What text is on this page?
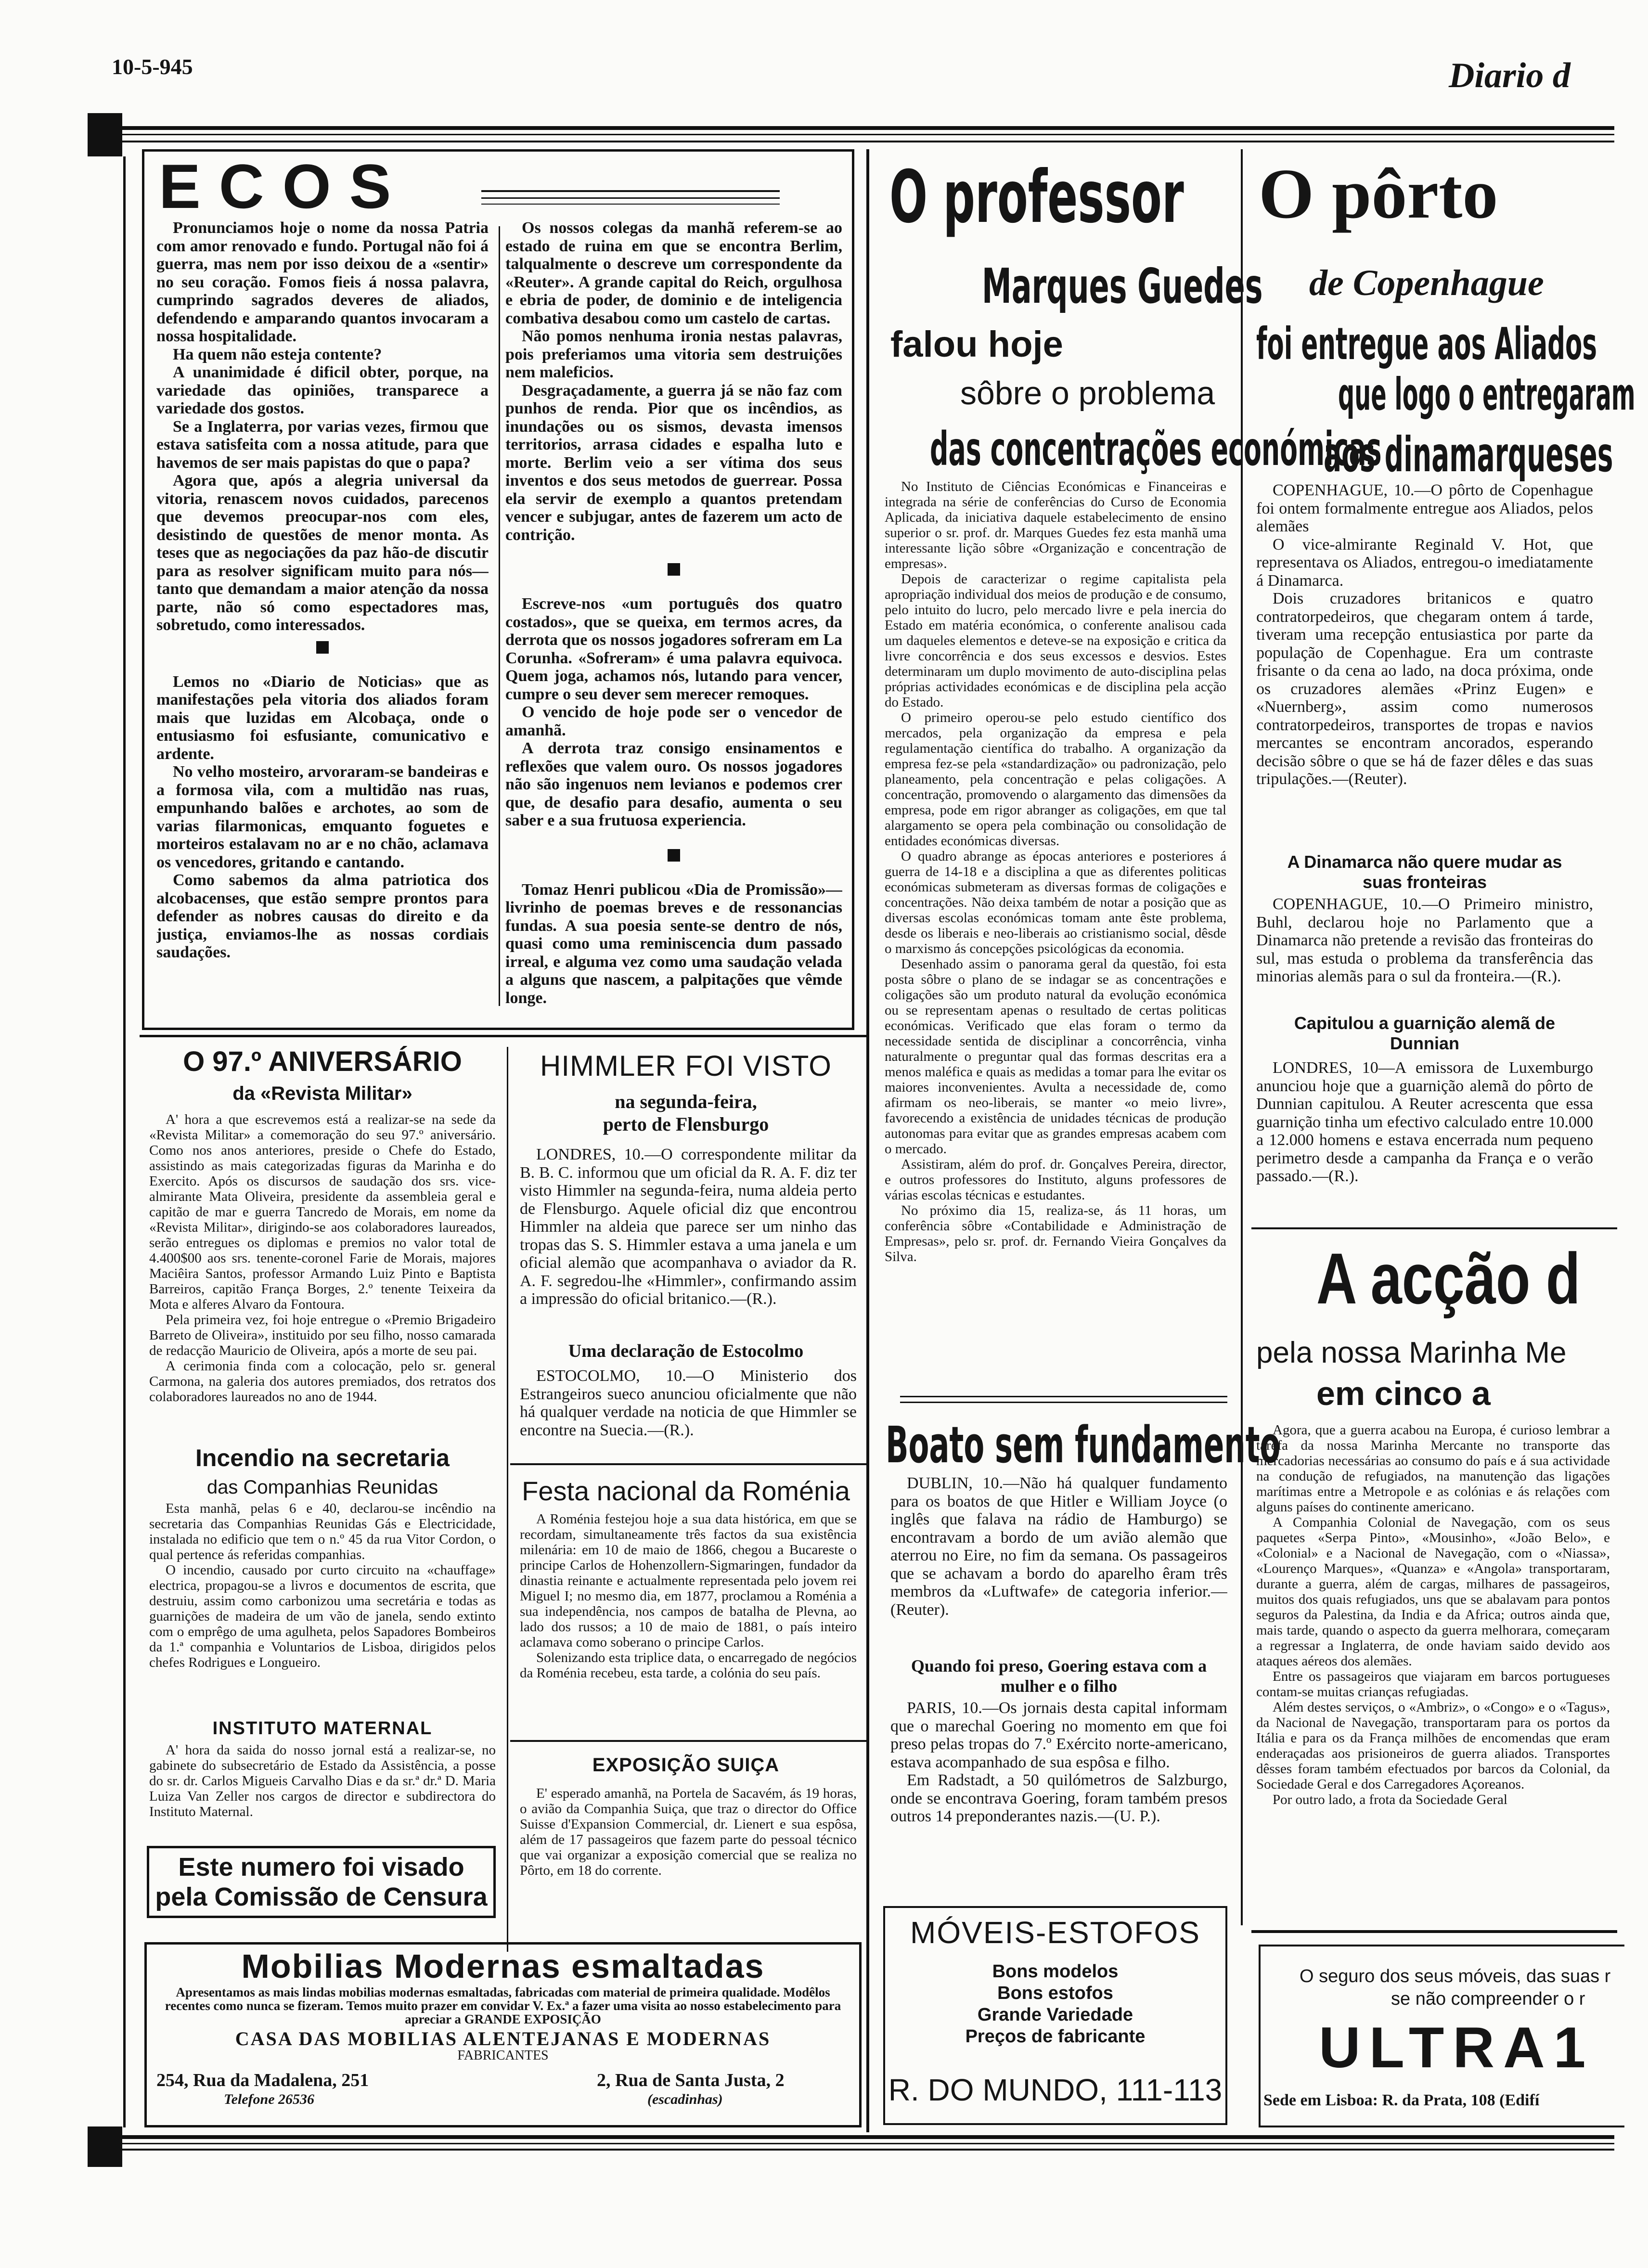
10-5-945	Diario d
ECOS

Pronunciamos hoje o nome da nossa Patria com amor renovado e fundo. Portugal não foi á guerra, mas nem por isso deixou de a «sentir» no seu coração. Fomos fieis á nossa palavra, cumprindo sagrados deveres de aliados, defendendo e amparando quantos invocaram a nossa hospitalidade.

Ha quem não esteja contente?

A unanimidade é dificil obter, porque, na variedade das opiniões, transparece a variedade dos gostos.

Se a Inglaterra, por varias vezes, firmou que estava satisfeita com a nossa atitude, para que havemos de ser mais papistas do que o papa?

Agora que, após a alegria universal da vitoria, renascem novos cuidados, parecenos que devemos preocupar-nos com eles, desistindo de questões de menor monta. As teses que as negociações da paz hão-de discutir para as resolver significam muito para nós—tanto que demandam a maior atenção da nossa parte, não só como espectadores mas, sobretudo, como interessados.

Lemos no «Diario de Noticias» que as manifestações pela vitoria dos aliados foram mais que luzidas em Alcobaça, onde o entusiasmo foi esfusiante, comunicativo e ardente.

No velho mosteiro, arvoraram-se bandeiras e a formosa vila, com a multidão nas ruas, empunhando balões e archotes, ao som de varias filarmonicas, emquanto foguetes e morteiros estalavam no ar e no chão, aclamava os vencedores, gritando e cantando.

Como sabemos da alma patriotica dos alcobacenses, que estão sempre prontos para defender as nobres causas do direito e da justiça, enviamos-lhe as nossas cordiais saudações.

Os nossos colegas da manhã referem-se ao estado de ruina em que se encontra Berlim, talqualmente o descreve um correspondente da «Reuter». A grande capital do Reich, orgulhosa e ebria de poder, de dominio e de inteligencia combativa desabou como um castelo de cartas.

Não pomos nenhuma ironia nestas palavras, pois preferiamos uma vitoria sem destruições nem maleficios.

Desgraçadamente, a guerra já se não faz com punhos de renda. Pior que os incêndios, as inundações ou os sismos, devasta imensos territorios, arrasa cidades e espalha luto e morte. Berlim veio a ser vítima dos seus inventos e dos seus metodos de guerrear. Possa ela servir de exemplo a quantos pretendam vencer e subjugar, antes de fazerem um acto de contrição.

Escreve-nos «um português dos quatro costados», que se queixa, em termos acres, da derrota que os nossos jogadores sofreram em La Corunha. «Sofreram» é uma palavra equivoca. Quem joga, achamos nós, lutando para vencer, cumpre o seu dever sem merecer remoques.

O vencido de hoje pode ser o vencedor de amanhã.

A derrota traz consigo ensinamentos e reflexões que valem ouro. Os nossos jogadores não são ingenuos nem levianos e podemos crer que, de desafio para desafio, aumenta o seu saber e a sua frutuosa experiencia.

Tomaz Henri publicou «Dia de Promissão»—livrinho de poemas breves e de ressonancias fundas. A sua poesia sente-se dentro de nós, quasi como uma reminiscencia dum passado irreal, e alguma vez como uma saudação velada a alguns que nascem, a palpitações que vêmde longe.

O professor
Marques Guedes
falou hoje
sôbre o problema
das concentrações económicas

No Instituto de Ciências Económicas e Financeiras e integrada na série de conferências do Curso de Economia Aplicada, da iniciativa daquele estabelecimento de ensino superior o sr. prof. dr. Marques Guedes fez esta manhã uma interessante lição sôbre «Organização e concentração de empresas».

Depois de caracterizar o regime capitalista pela apropriação individual dos meios de produção e de consumo, pelo intuito do lucro, pelo mercado livre e pela inercia do Estado em matéria económica, o conferente analisou cada um daqueles elementos e deteve-se na exposição e critica da livre concorrência e dos seus excessos e desvios. Estes determinaram um duplo movimento de auto-disciplina pelas próprias actividades económicas e de disciplina pela acção do Estado.

O primeiro operou-se pelo estudo científico dos mercados, pela organização da empresa e pela regulamentação científica do trabalho. A organização da empresa fez-se pela «standardização» ou padronização, pelo planeamento, pela concentração e pelas coligações. A concentração, promovendo o alargamento das dimensões da empresa, pode em rigor abranger as coligações, em que tal alargamento se opera pela combinação ou consolidação de entidades económicas diversas.

O quadro abrange as épocas anteriores e posteriores á guerra de 14-18 e a disciplina a que as diferentes politicas económicas submeteram as diversas formas de coligações e concentrações. Não deixa também de notar a posição que as diversas escolas económicas tomam ante êste problema, desde os liberais e neo-liberais ao cristianismo social, dêsde o marxismo ás concepções psicológicas da economia.

Desenhado assim o panorama geral da questão, foi esta posta sôbre o plano de se indagar se as concentrações e coligações são um produto natural da evolução económica ou se representam apenas o resultado de certas politicas económicas. Verificado que elas foram o termo da necessidade sentida de disciplinar a concorrência, vinha naturalmente o preguntar qual das formas descritas era a menos maléfica e quais as medidas a tomar para lhe evitar os maiores inconvenientes. Avulta a necessidade de, como afirmam os neo-liberais, se manter «o meio livre», favorecendo a existência de unidades técnicas de produção autonomas para evitar que as grandes empresas acabem com o mercado.

Assistiram, além do prof. dr. Gonçalves Pereira, director, e outros professores do Instituto, alguns professores de várias escolas técnicas e estudantes.

No próximo dia 15, realiza-se, ás 11 horas, um conferência sôbre «Contabilidade e Administração de Empresas», pelo sr. prof. dr. Fernando Vieira Gonçalves da Silva.

Boato sem fundamento

DUBLIN, 10.—Não há qualquer fundamento para os boatos de que Hitler e William Joyce (o inglês que falava na rádio de Hamburgo) se encontravam a bordo de um avião alemão que aterrou no Eire, no fim da semana. Os passageiros que se achavam a bordo do aparelho êram três membros da «Luftwafe» de categoria inferior.—(Reuter).

Quando foi preso, Goering estava com a mulher e o filho

PARIS, 10.—Os jornais desta capital informam que o marechal Goering no momento em que foi preso pelas tropas do 7.º Exército norte-americano, estava acompanhado de sua espôsa e filho.

Em Radstadt, a 50 quilómetros de Salzburgo, onde se encontrava Goering, foram também presos outros 14 preponderantes nazis.—(U. P.).

MÓVEIS-ESTOFOS
Bons modelos
Bons estofos
Grande Variedade
Preços de fabricante
R. DO MUNDO, 111-113
O pôrto
de Copenhague
foi entregue aos Aliados
que logo o entregaram
aos dinamarqueses

COPENHAGUE, 10.—O pôrto de Copenhague foi ontem formalmente entregue aos Aliados, pelos alemães

O vice-almirante Reginald V. Hot, que representava os Aliados, entregou-o imediatamente á Dinamarca.

Dois cruzadores britanicos e quatro contratorpedeiros, que chegaram ontem á tarde, tiveram uma recepção entusiastica por parte da população de Copenhague. Era um contraste frisante o da cena ao lado, na doca próxima, onde os cruzadores alemães «Prinz Eugen» e «Nuernberg», assim como numerosos contratorpedeiros, transportes de tropas e navios mercantes se encontram ancorados, esperando decisão sôbre o que se há de fazer dêles e das suas tripulações.—(Reuter).

A Dinamarca não quere mudar as suas fronteiras

COPENHAGUE, 10.—O Primeiro ministro, Buhl, declarou hoje no Parlamento que a Dinamarca não pretende a revisão das fronteiras do sul, mas estuda o problema da transferência das minorias alemãs para o sul da fronteira.—(R.).

Capitulou a guarnição alemã de Dunnian

LONDRES, 10—A emissora de Luxemburgo anunciou hoje que a guarnição alemã do pôrto de Dunnian capitulou. A Reuter acrescenta que essa guarnição tinha um efectivo calculado entre 10.000 a 12.000 homens e estava encerrada num pequeno perimetro desde a campanha da França e o verão passado.—(R.).

A acção d
pela nossa Marinha Me
em cinco a

Agora, que a guerra acabou na Europa, é curioso lembrar a tarefa da nossa Marinha Mercante no transporte das mercadorias necessárias ao consumo do país e á sua actividade na condução de refugiados, na manutenção das ligações marítimas entre a Metropole e as colónias e ás relações com alguns países do continente americano.

A Companhia Colonial de Navegação, com os seus paquetes «Serpa Pinto», «Mousinho», «João Belo», e «Colonial» e a Nacional de Navegação, com o «Niassa», «Lourenço Marques», «Quanza» e «Angola» transportaram, durante a guerra, além de cargas, milhares de passageiros, muitos dos quais refugiados, uns que se abalavam para pontos seguros da Palestina, da India e da Africa; outros ainda que, mais tarde, quando o aspecto da guerra melhorara, começaram a regressar a Inglaterra, de onde haviam saido devido aos ataques aéreos dos alemães.

Entre os passageiros que viajaram em barcos portugueses contam-se muitas crianças refugiadas.

Além destes serviços, o «Ambriz», o «Congo» e o «Tagus», da Nacional de Navegação, transportaram para os portos da Itália e para os da França milhões de encomendas que eram enderaçadas aos prisioneiros de guerra aliados. Transportes dêsses foram também efectuados por barcos da Colonial, da Sociedade Geral e dos Carregadores Açoreanos.

Por outro lado, a frota da Sociedade Geral

O seguro dos seus móveis, das suas r
se não compreender o r
ULTRA1
Sede em Lisboa: R. da Prata, 108 (Edifí
O 97.º ANIVERSÁRIO
da «Revista Militar»

A' hora a que escrevemos está a realizar-se na sede da «Revista Militar» a comemoração do seu 97.º aniversário. Como nos anos anteriores, preside o Chefe do Estado, assistindo as mais categorizadas figuras da Marinha e do Exercito. Após os discursos de saudação dos srs. vice-almirante Mata Oliveira, presidente da assembleia geral e capitão de mar e guerra Tancredo de Morais, em nome da «Revista Militar», dirigindo-se aos colaboradores laureados, serão entregues os diplomas e premios no valor total de 4.400$00 aos srs. tenente-coronel Farie de Morais, majores Maciêira Santos, professor Armando Luiz Pinto e Baptista Barreiros, capitão França Borges, 2.º tenente Teixeira da Mota e alferes Alvaro da Fontoura.

Pela primeira vez, foi hoje entregue o «Premio Brigadeiro Barreto de Oliveira», instituido por seu filho, nosso camarada de redacção Mauricio de Oliveira, após a morte de seu pai.

A cerimonia finda com a colocação, pelo sr. general Carmona, na galeria dos autores premiados, dos retratos dos colaboradores laureados no ano de 1944.

Incendio na secretaria
das Companhias Reunidas

Esta manhã, pelas 6 e 40, declarou-se incêndio na secretaria das Companhias Reunidas Gás e Electricidade, instalada no edificio que tem o n.º 45 da rua Vitor Cordon, o qual pertence ás referidas companhias.

O incendio, causado por curto circuito na «chauffage» electrica, propagou-se a livros e documentos de escrita, que destruiu, assim como carbonizou uma secretária e todas as guarnições de madeira de um vão de janela, sendo extinto com o emprêgo de uma agulheta, pelos Sapadores Bombeiros da 1.ª companhia e Voluntarios de Lisboa, dirigidos pelos chefes Rodrigues e Longueiro.

INSTITUTO MATERNAL

A' hora da saida do nosso jornal está a realizar-se, no gabinete do subsecretário de Estado da Assistência, a posse do sr. dr. Carlos Migueis Carvalho Dias e da sr.ª dr.ª D. Maria Luiza Van Zeller nos cargos de director e subdirectora do Instituto Maternal.

Este numero foi visado
pela Comissão de Censura
HIMMLER FOI VISTO
na segunda-feira,
perto de Flensburgo

LONDRES, 10.—O correspondente militar da B. B. C. informou que um oficial da R. A. F. diz ter visto Himmler na segunda-feira, numa aldeia perto de Flensburgo. Aquele oficial diz que encontrou Himmler na aldeia que parece ser um ninho das tropas das S. S. Himmler estava a uma janela e um oficial alemão que acompanhava o aviador da R. A. F. segredou-lhe «Himmler», confirmando assim a impressão do oficial britanico.—(R.).

Uma declaração de Estocolmo

ESTOCOLMO, 10.—O Ministerio dos Estrangeiros sueco anunciou oficialmente que não há qualquer verdade na noticia de que Himmler se encontre na Suecia.—(R.).

Festa nacional da Roménia

A Roménia festejou hoje a sua data histórica, em que se recordam, simultaneamente três factos da sua existência milenária: em 10 de maio de 1866, chegou a Bucareste o principe Carlos de Hohenzollern-Sigmaringen, fundador da dinastia reinante e actualmente representada pelo jovem rei Miguel I; no mesmo dia, em 1877, proclamou a Roménia a sua independência, nos campos de batalha de Plevna, ao lado dos russos; a 10 de maio de 1881, o país inteiro aclamava como soberano o principe Carlos.

Solenizando esta triplice data, o encarregado de negócios da Roménia recebeu, esta tarde, a colónia do seu país.

EXPOSIÇÃO SUIÇA

E' esperado amanhã, na Portela de Sacavém, ás 19 horas, o avião da Companhia Suiça, que traz o director do Office Suisse d'Expansion Commercial, dr. Lienert e sua espôsa, além de 17 passageiros que fazem parte do pessoal técnico que vai organizar a exposição comercial que se realiza no Pôrto, em 18 do corrente.

Mobilias Modernas esmaltadas
Apresentamos as mais lindas mobilias modernas esmaltadas, fabricadas com material de primeira qualidade. Modêlos recentes como nunca se fizeram. Temos muito prazer em convidar V. Ex.ª a fazer uma visita ao nosso estabelecimento para apreciar a GRANDE EXPOSIÇÃO
CASA DAS MOBILIAS ALENTEJANAS E MODERNAS
FABRICANTES
254, Rua da Madalena, 251
Telefone 26536
2, Rua de Santa Justa, 2
(escadinhas)
